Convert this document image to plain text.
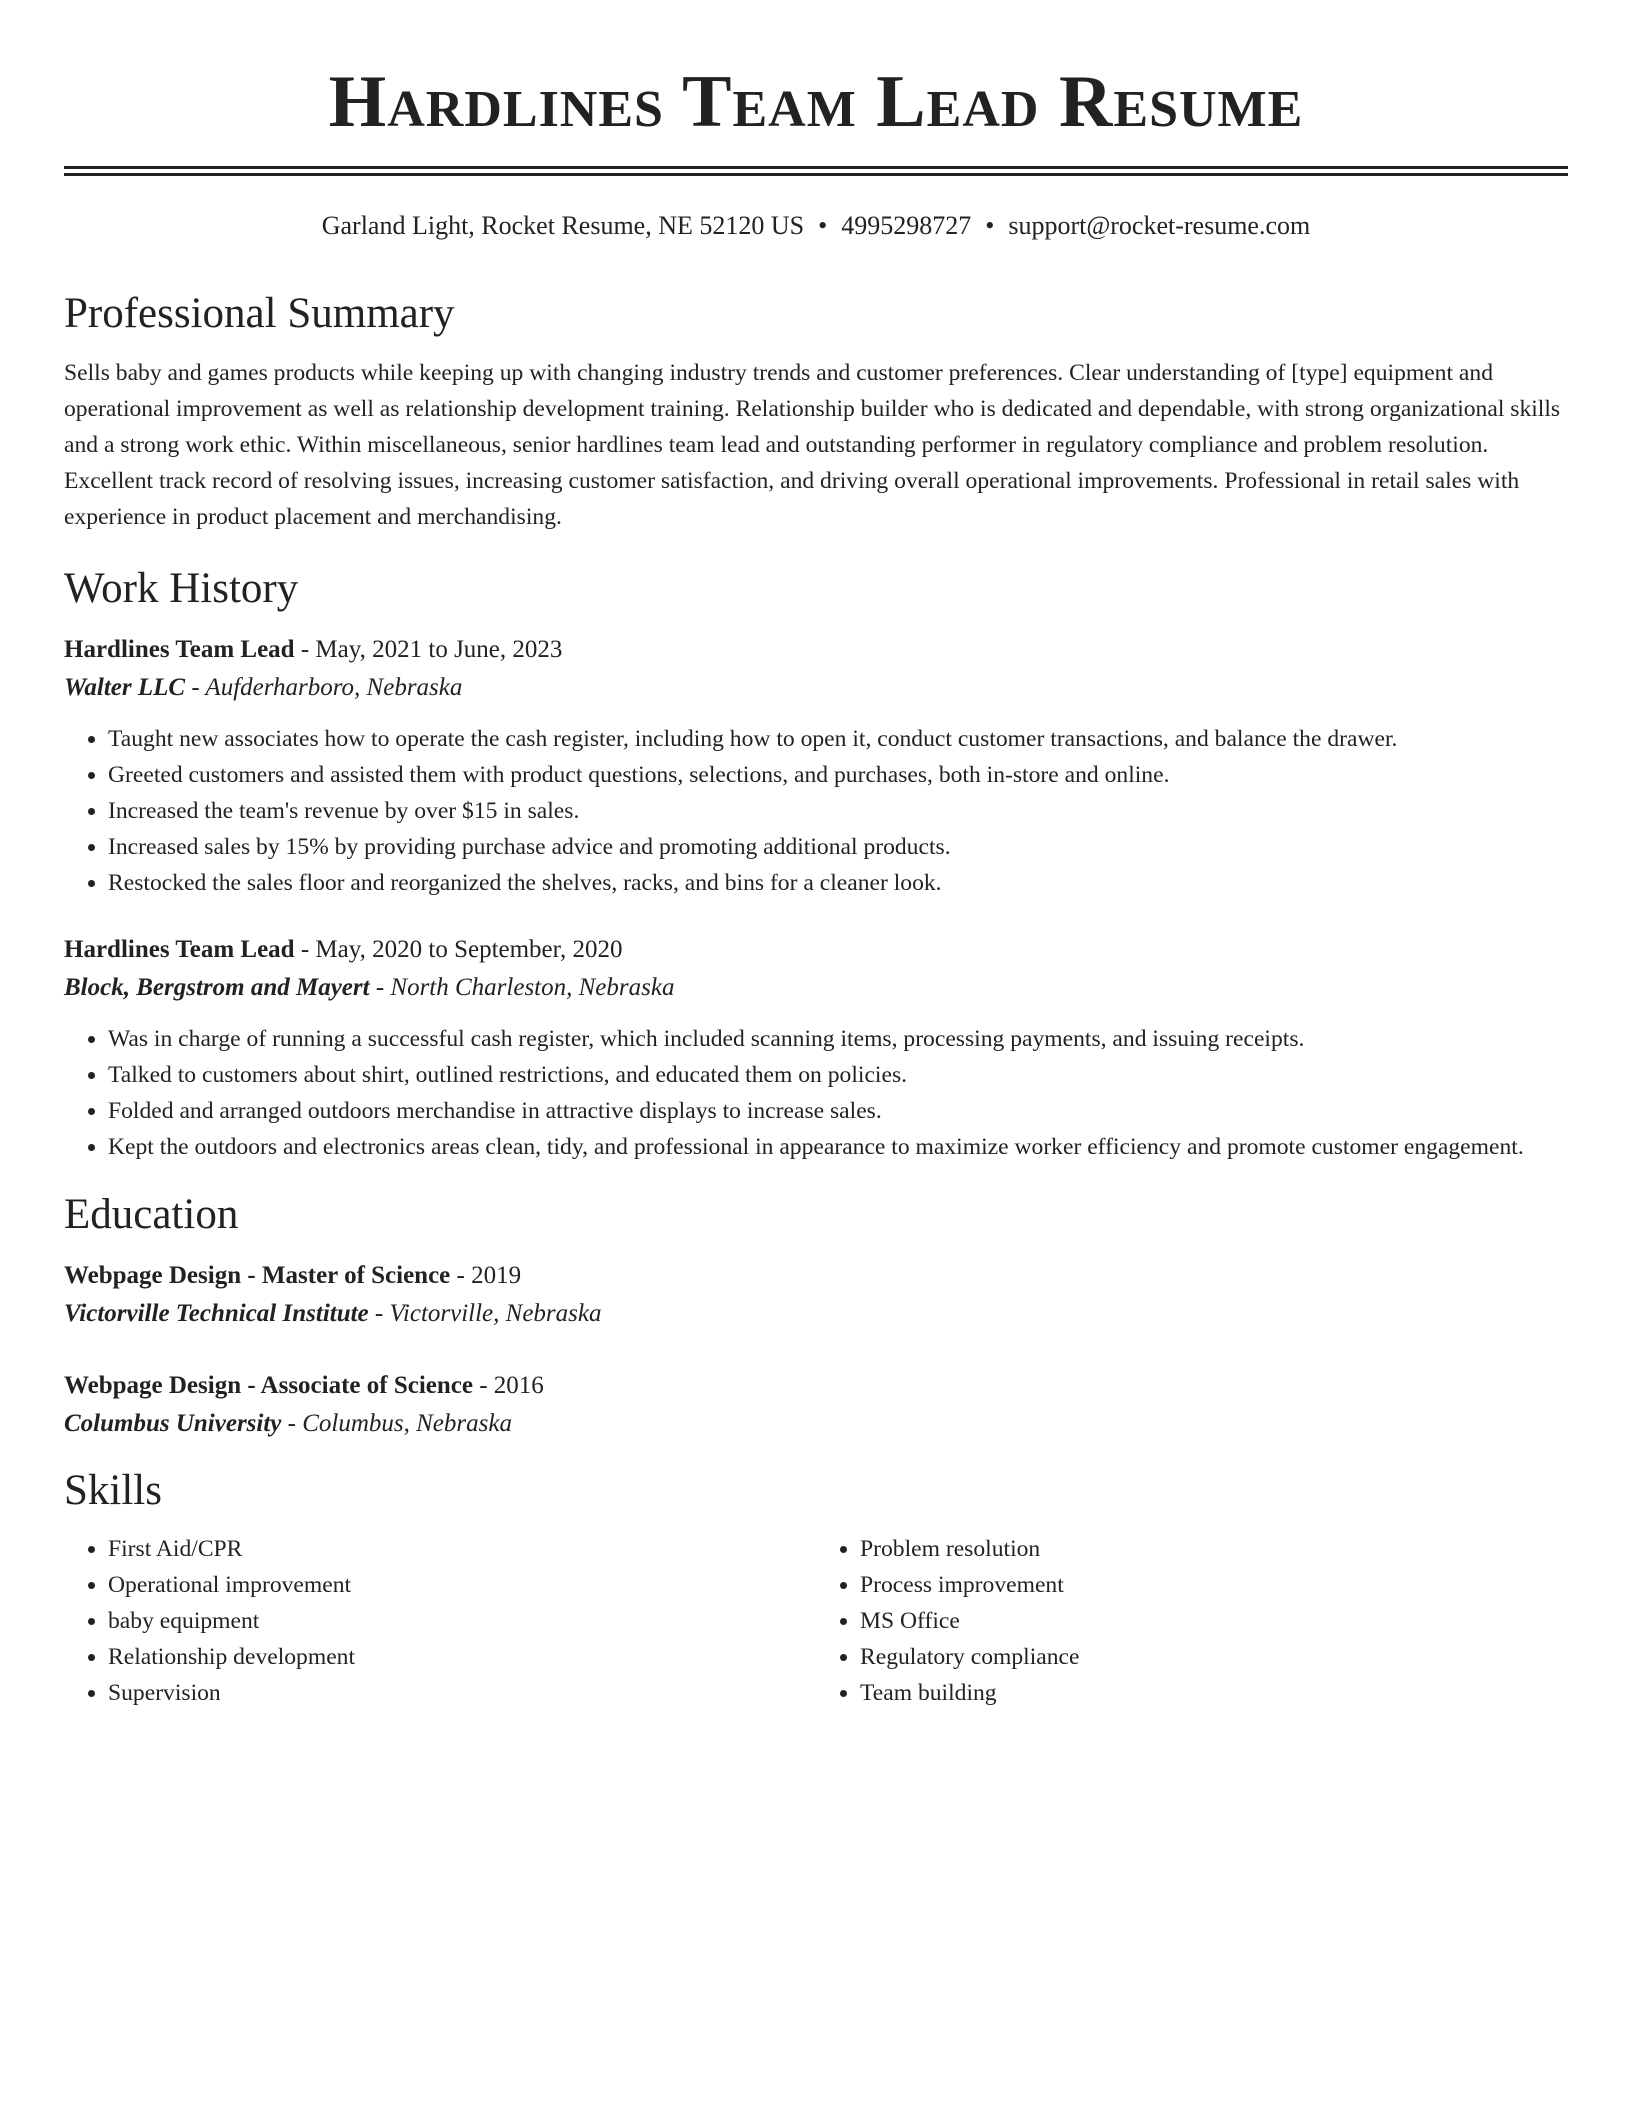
Hardlines Team Lead Resume
Garland Light, Rocket Resume, NE 52120 US • 4995298727 • support@rocket-resume.com
Professional Summary

Sells baby and games products while keeping up with changing industry trends and customer preferences. Clear understanding of [type] equipment and operational improvement as well as relationship development training. Relationship builder who is dedicated and dependable, with strong organizational skills and a strong work ethic. Within miscellaneous, senior hardlines team lead and outstanding performer in regulatory compliance and problem resolution. Excellent track record of resolving issues, increasing customer satisfaction, and driving overall operational improvements. Professional in retail sales with experience in product placement and merchandising.

Work History
Hardlines Team Lead - May, 2021 to June, 2023
Walter LLC - Aufderharboro, Nebraska
• Taught new associates how to operate the cash register, including how to open it, conduct customer transactions, and balance the drawer.
• Greeted customers and assisted them with product questions, selections, and purchases, both in-store and online.
• Increased the team's revenue by over $15 in sales.
• Increased sales by 15% by providing purchase advice and promoting additional products.
• Restocked the sales floor and reorganized the shelves, racks, and bins for a cleaner look.
Hardlines Team Lead - May, 2020 to September, 2020
Block, Bergstrom and Mayert - North Charleston, Nebraska
• Was in charge of running a successful cash register, which included scanning items, processing payments, and issuing receipts.
• Talked to customers about shirt, outlined restrictions, and educated them on policies.
• Folded and arranged outdoors merchandise in attractive displays to increase sales.
• Kept the outdoors and electronics areas clean, tidy, and professional in appearance to maximize worker efficiency and promote customer engagement.
Education
Webpage Design - Master of Science - 2019
Victorville Technical Institute - Victorville, Nebraska
Webpage Design - Associate of Science - 2016
Columbus University - Columbus, Nebraska
Skills
• First Aid/CPR
• Operational improvement
• baby equipment
• Relationship development
• Supervision
• Problem resolution
• Process improvement
• MS Office
• Regulatory compliance
• Team building
